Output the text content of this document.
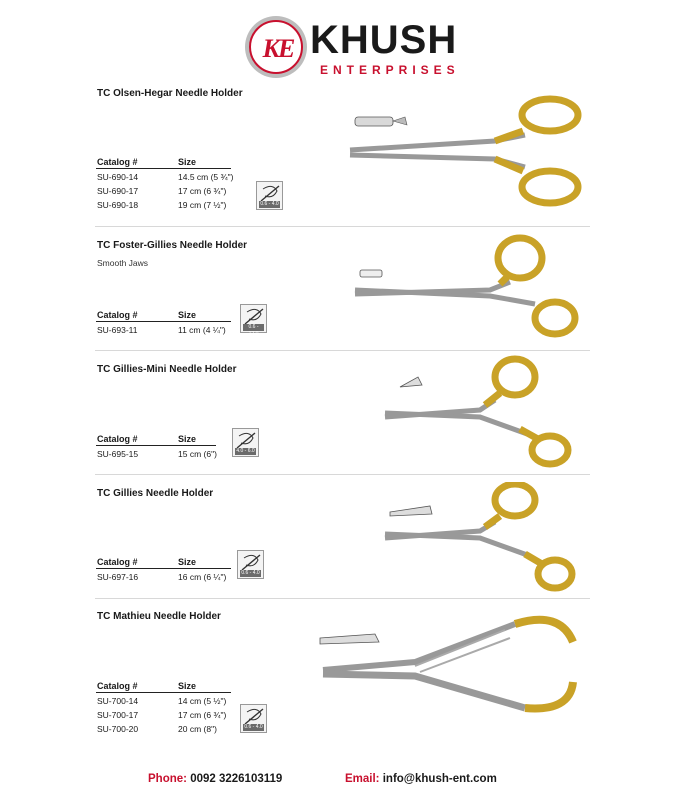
KE KHUSH
ENTERPRISES
TC Olsen-Hegar Needle Holder
Catalog #	Size
SU-690-14	14.5 cm (5 ¾")
SU-690-17	17 cm (6 ¾")
SU-690-18	19 cm (7 ½")	0.6 - 4.0
TC Foster-Gillies Needle Holder
Smooth Jaws
Catalog #	Size
SU-693-11	11 cm (4 ¼")	0.6 - 12.0
TC Gillies-Mini Needle Holder
Catalog #	Size
SU-695-15	15 cm (6")	4.0 - 6.0
TC Gillies Needle Holder
Catalog #	Size
SU-697-16	16 cm (6 ¼")	0.6 - 4.0
TC Mathieu Needle Holder
Catalog #	Size
SU-700-14	14 cm (5 ½")
SU-700-17	17 cm (6 ¾")
SU-700-20	20 cm (8")	0.6 - 4.0
Phone: 0092 3226103119	Email: info@khush-ent.com
